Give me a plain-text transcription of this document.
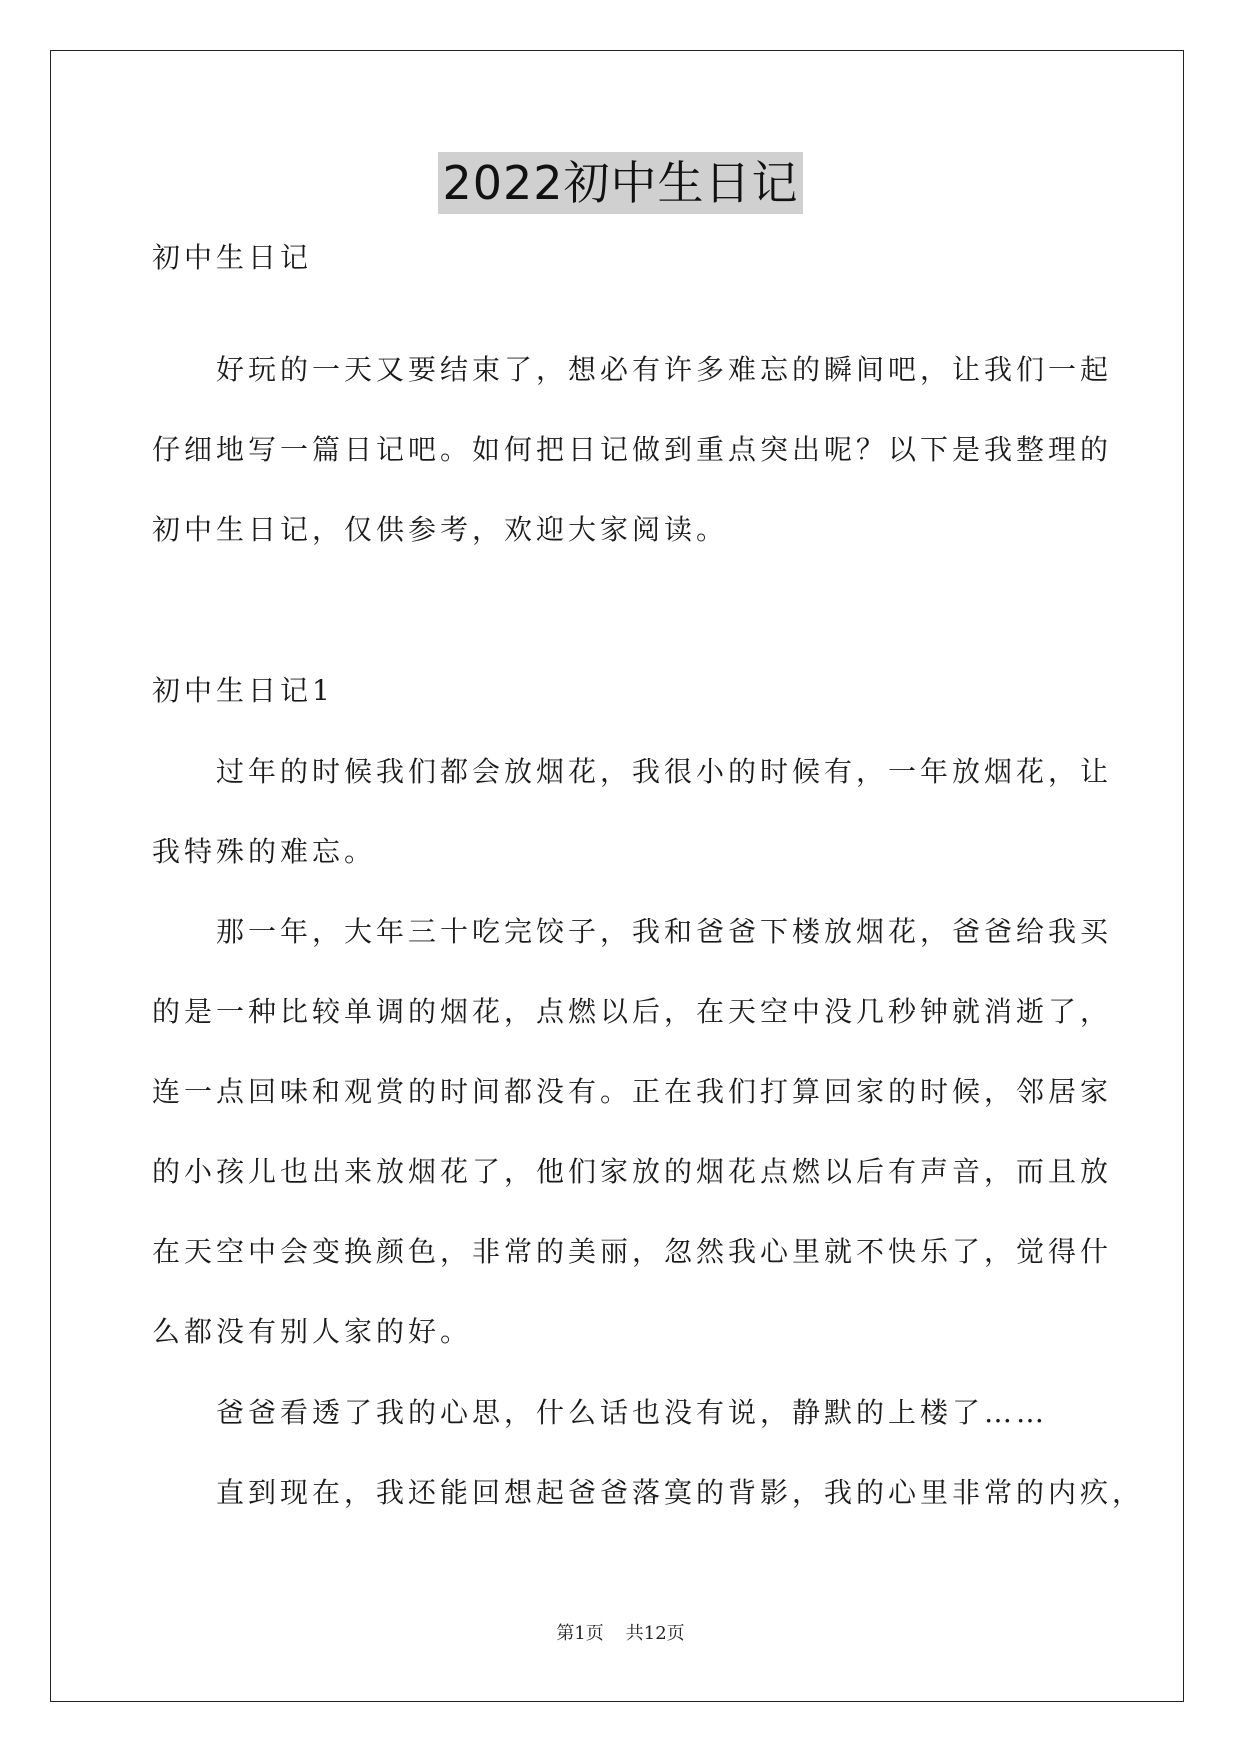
2022初中生日记
初中生日记
　　好玩的一天又要结束了，想必有许多难忘的瞬间吧，让我们一起
仔细地写一篇日记吧。如何把日记做到重点突出呢？以下是我整理的
初中生日记，仅供参考，欢迎大家阅读。
初中生日记1
　　过年的时候我们都会放烟花，我很小的时候有，一年放烟花，让
我特殊的难忘。
　　那一年，大年三十吃完饺子，我和爸爸下楼放烟花，爸爸给我买
的是一种比较单调的烟花，点燃以后，在天空中没几秒钟就消逝了，
连一点回味和观赏的时间都没有。正在我们打算回家的时候，邻居家
的小孩儿也出来放烟花了，他们家放的烟花点燃以后有声音，而且放
在天空中会变换颜色，非常的美丽，忽然我心里就不快乐了，觉得什
么都没有别人家的好。
　　爸爸看透了我的心思，什么话也没有说，静默的上楼了……
　　直到现在，我还能回想起爸爸落寞的背影，我的心里非常的内疚，
第1页 共12页
